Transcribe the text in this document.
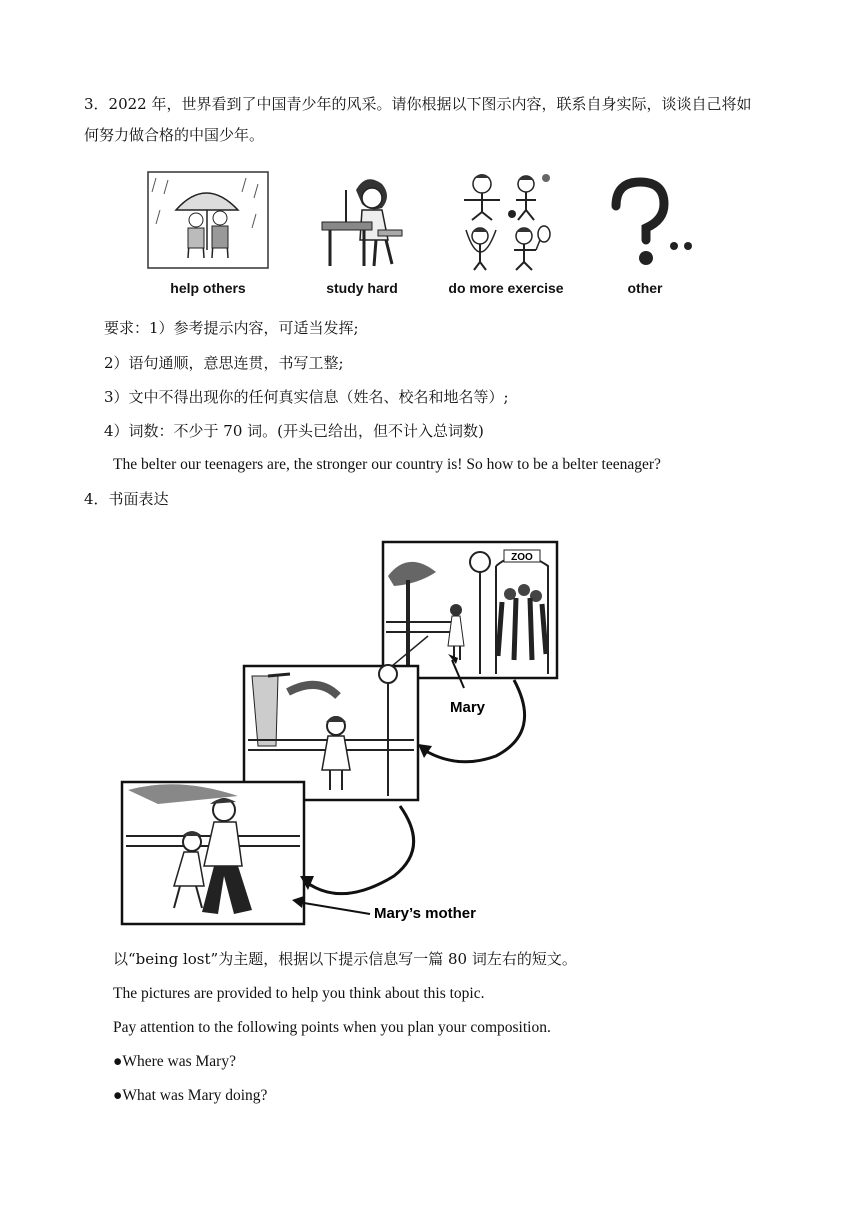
3．2022 年，世界看到了中国青少年的风采。请你根据以下图示内容，联系自身实际，谈谈自己将如
何努力做合格的中国少年。
help others	study hard	do more exercise	other
要求：1）参考提示内容，可适当发挥;
2）语句通顺，意思连贯，书写工整;
3）文中不得出现你的任何真实信息（姓名、校名和地名等）;
4）词数：不少于 70 词。(开头已给出，但不计入总词数)
The belter our teenagers are, the stronger our country is! So how to be a belter teenager?
4．书面表达
ZOO
Mary
Mary’s mother
以“being lost”为主题，根据以下提示信息写一篇 80 词左右的短文。
The pictures are provided to help you think about this topic.
Pay attention to the following points when you plan your composition.
●Where was Mary?
●What was Mary doing?
